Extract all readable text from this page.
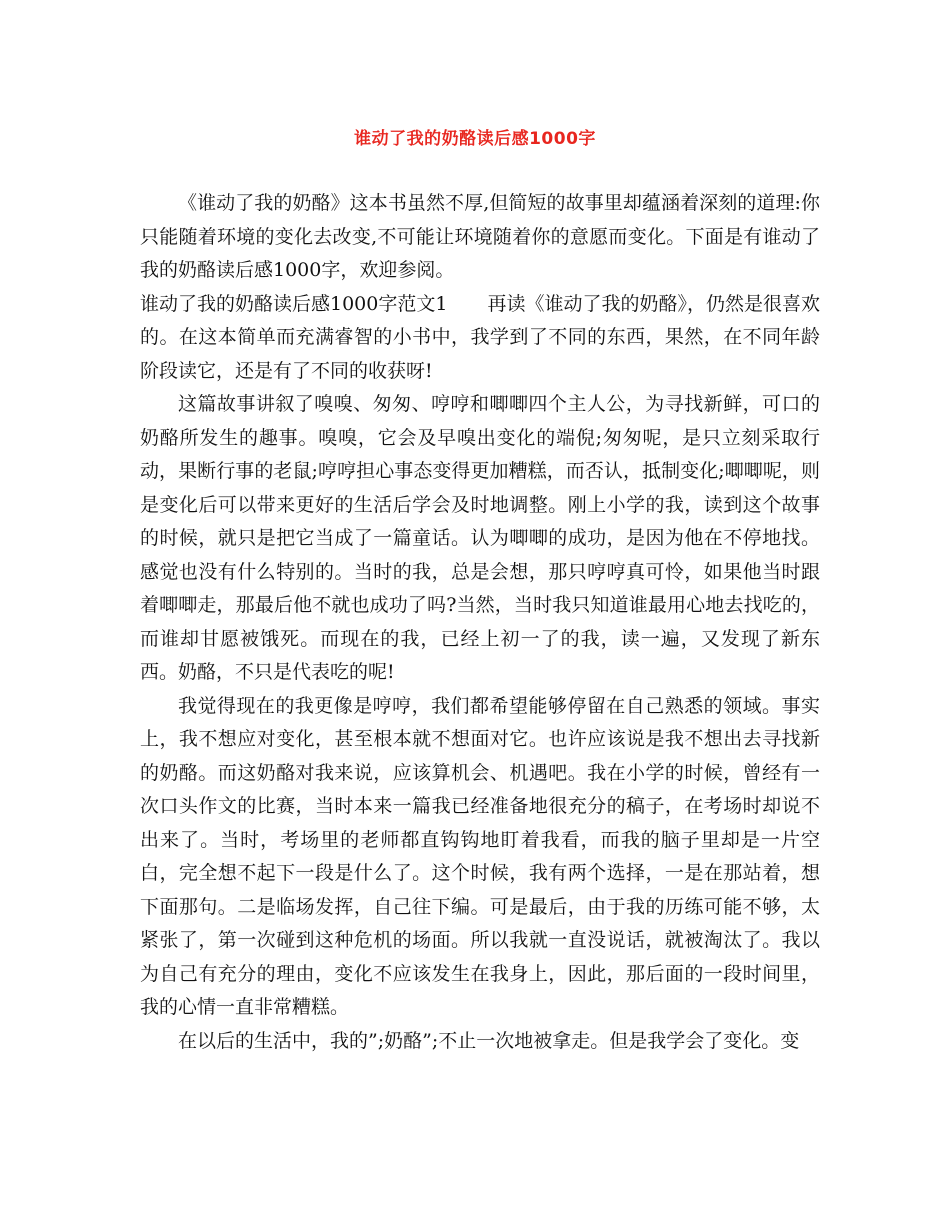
谁动了我的奶酪读后感1000字

《谁动了我的奶酪》这本书虽然不厚,但简短的故事里却蕴涵着深刻的道理:你只能随着环境的变化去改变,不可能让环境随着你的意愿而变化。下面是有谁动了我的奶酪读后感1000字，欢迎参阅。

谁动了我的奶酪读后感1000字范文1 再读《谁动了我的奶酪》，仍然是很喜欢的。在这本简单而充满睿智的小书中，我学到了不同的东西，果然，在不同年龄阶段读它，还是有了不同的收获呀!

这篇故事讲叙了嗅嗅、匆匆、哼哼和唧唧四个主人公，为寻找新鲜，可口的奶酪所发生的趣事。嗅嗅，它会及早嗅出变化的端倪;匆匆呢，是只立刻采取行动，果断行事的老鼠;哼哼担心事态变得更加糟糕，而否认，抵制变化;唧唧呢，则是变化后可以带来更好的生活后学会及时地调整。刚上小学的我，读到这个故事的时候，就只是把它当成了一篇童话。认为唧唧的成功，是因为他在不停地找。感觉也没有什么特别的。当时的我，总是会想，那只哼哼真可怜，如果他当时跟着唧唧走，那最后他不就也成功了吗?当然，当时我只知道谁最用心地去找吃的，而谁却甘愿被饿死。而现在的我，已经上初一了的我，读一遍，又发现了新东西。奶酪，不只是代表吃的呢!

我觉得现在的我更像是哼哼，我们都希望能够停留在自己熟悉的领域。事实上，我不想应对变化，甚至根本就不想面对它。也许应该说是我不想出去寻找新的奶酪。而这奶酪对我来说，应该算机会、机遇吧。我在小学的时候，曾经有一次口头作文的比赛，当时本来一篇我已经准备地很充分的稿子，在考场时却说不出来了。当时，考场里的老师都直钩钩地盯着我看，而我的脑子里却是一片空白，完全想不起下一段是什么了。这个时候，我有两个选择，一是在那站着，想下面那句。二是临场发挥，自己往下编。可是最后，由于我的历练可能不够，太紧张了，第一次碰到这种危机的场面。所以我就一直没说话，就被淘汰了。我以为自己有充分的理由，变化不应该发生在我身上，因此，那后面的一段时间里，我的心情一直非常糟糕。

在以后的生活中，我的”;奶酪”;不止一次地被拿走。但是我学会了变化。变
